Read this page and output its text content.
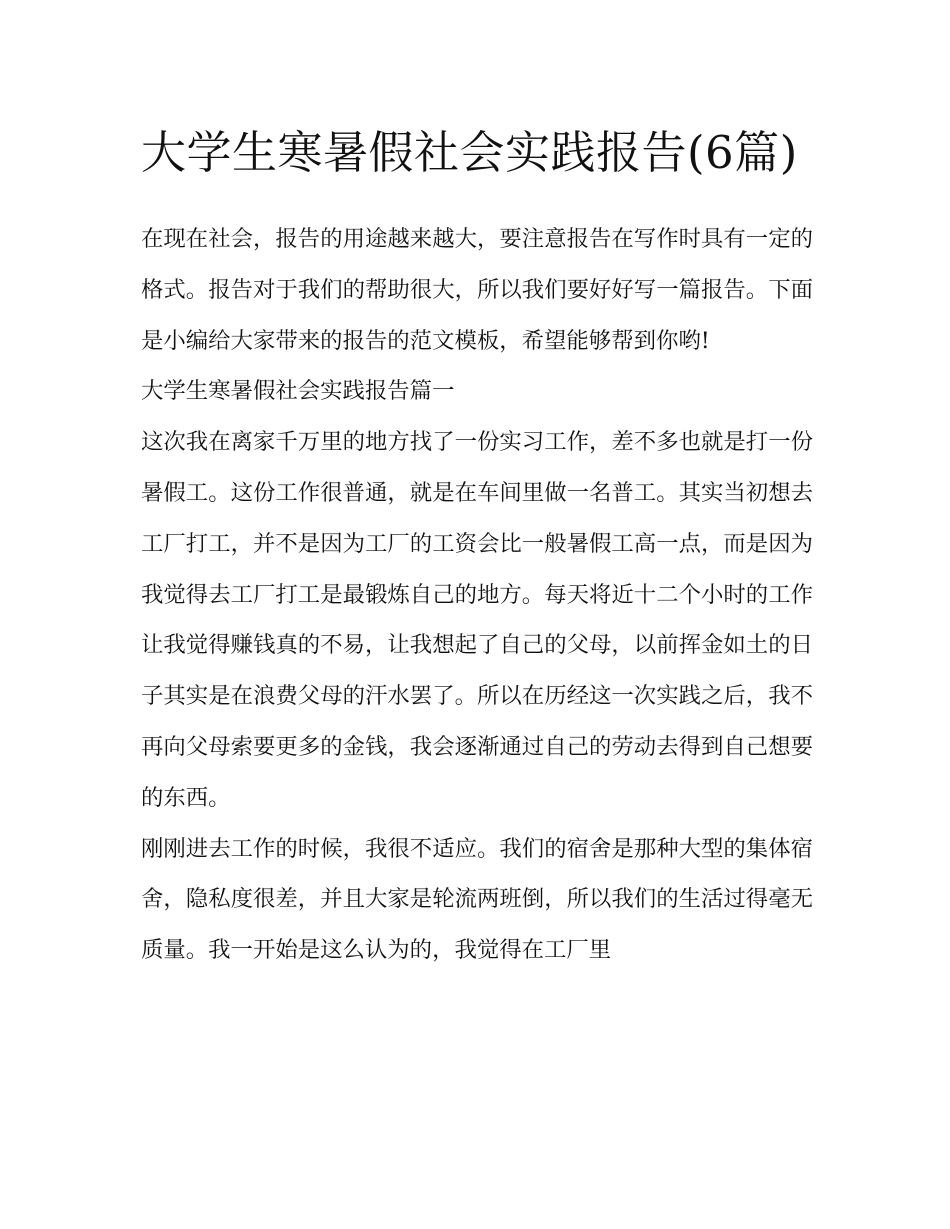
大学生寒暑假社会实践报告(6篇)

在现在社会，报告的用途越来越大，要注意报告在写作时具有一定的格式。报告对于我们的帮助很大，所以我们要好好写一篇报告。下面是小编给大家带来的报告的范文模板，希望能够帮到你哟!

大学生寒暑假社会实践报告篇一

这次我在离家千万里的地方找了一份实习工作，差不多也就是打一份暑假工。这份工作很普通，就是在车间里做一名普工。其实当初想去工厂打工，并不是因为工厂的工资会比一般暑假工高一点，而是因为我觉得去工厂打工是最锻炼自己的地方。每天将近十二个小时的工作让我觉得赚钱真的不易，让我想起了自己的父母，以前挥金如土的日子其实是在浪费父母的汗水罢了。所以在历经这一次实践之后，我不再向父母索要更多的金钱，我会逐渐通过自己的劳动去得到自己想要的东西。

刚刚进去工作的时候，我很不适应。我们的宿舍是那种大型的集体宿舍，隐私度很差，并且大家是轮流两班倒，所以我们的生活过得毫无质量。我一开始是这么认为的，我觉得在工厂里
